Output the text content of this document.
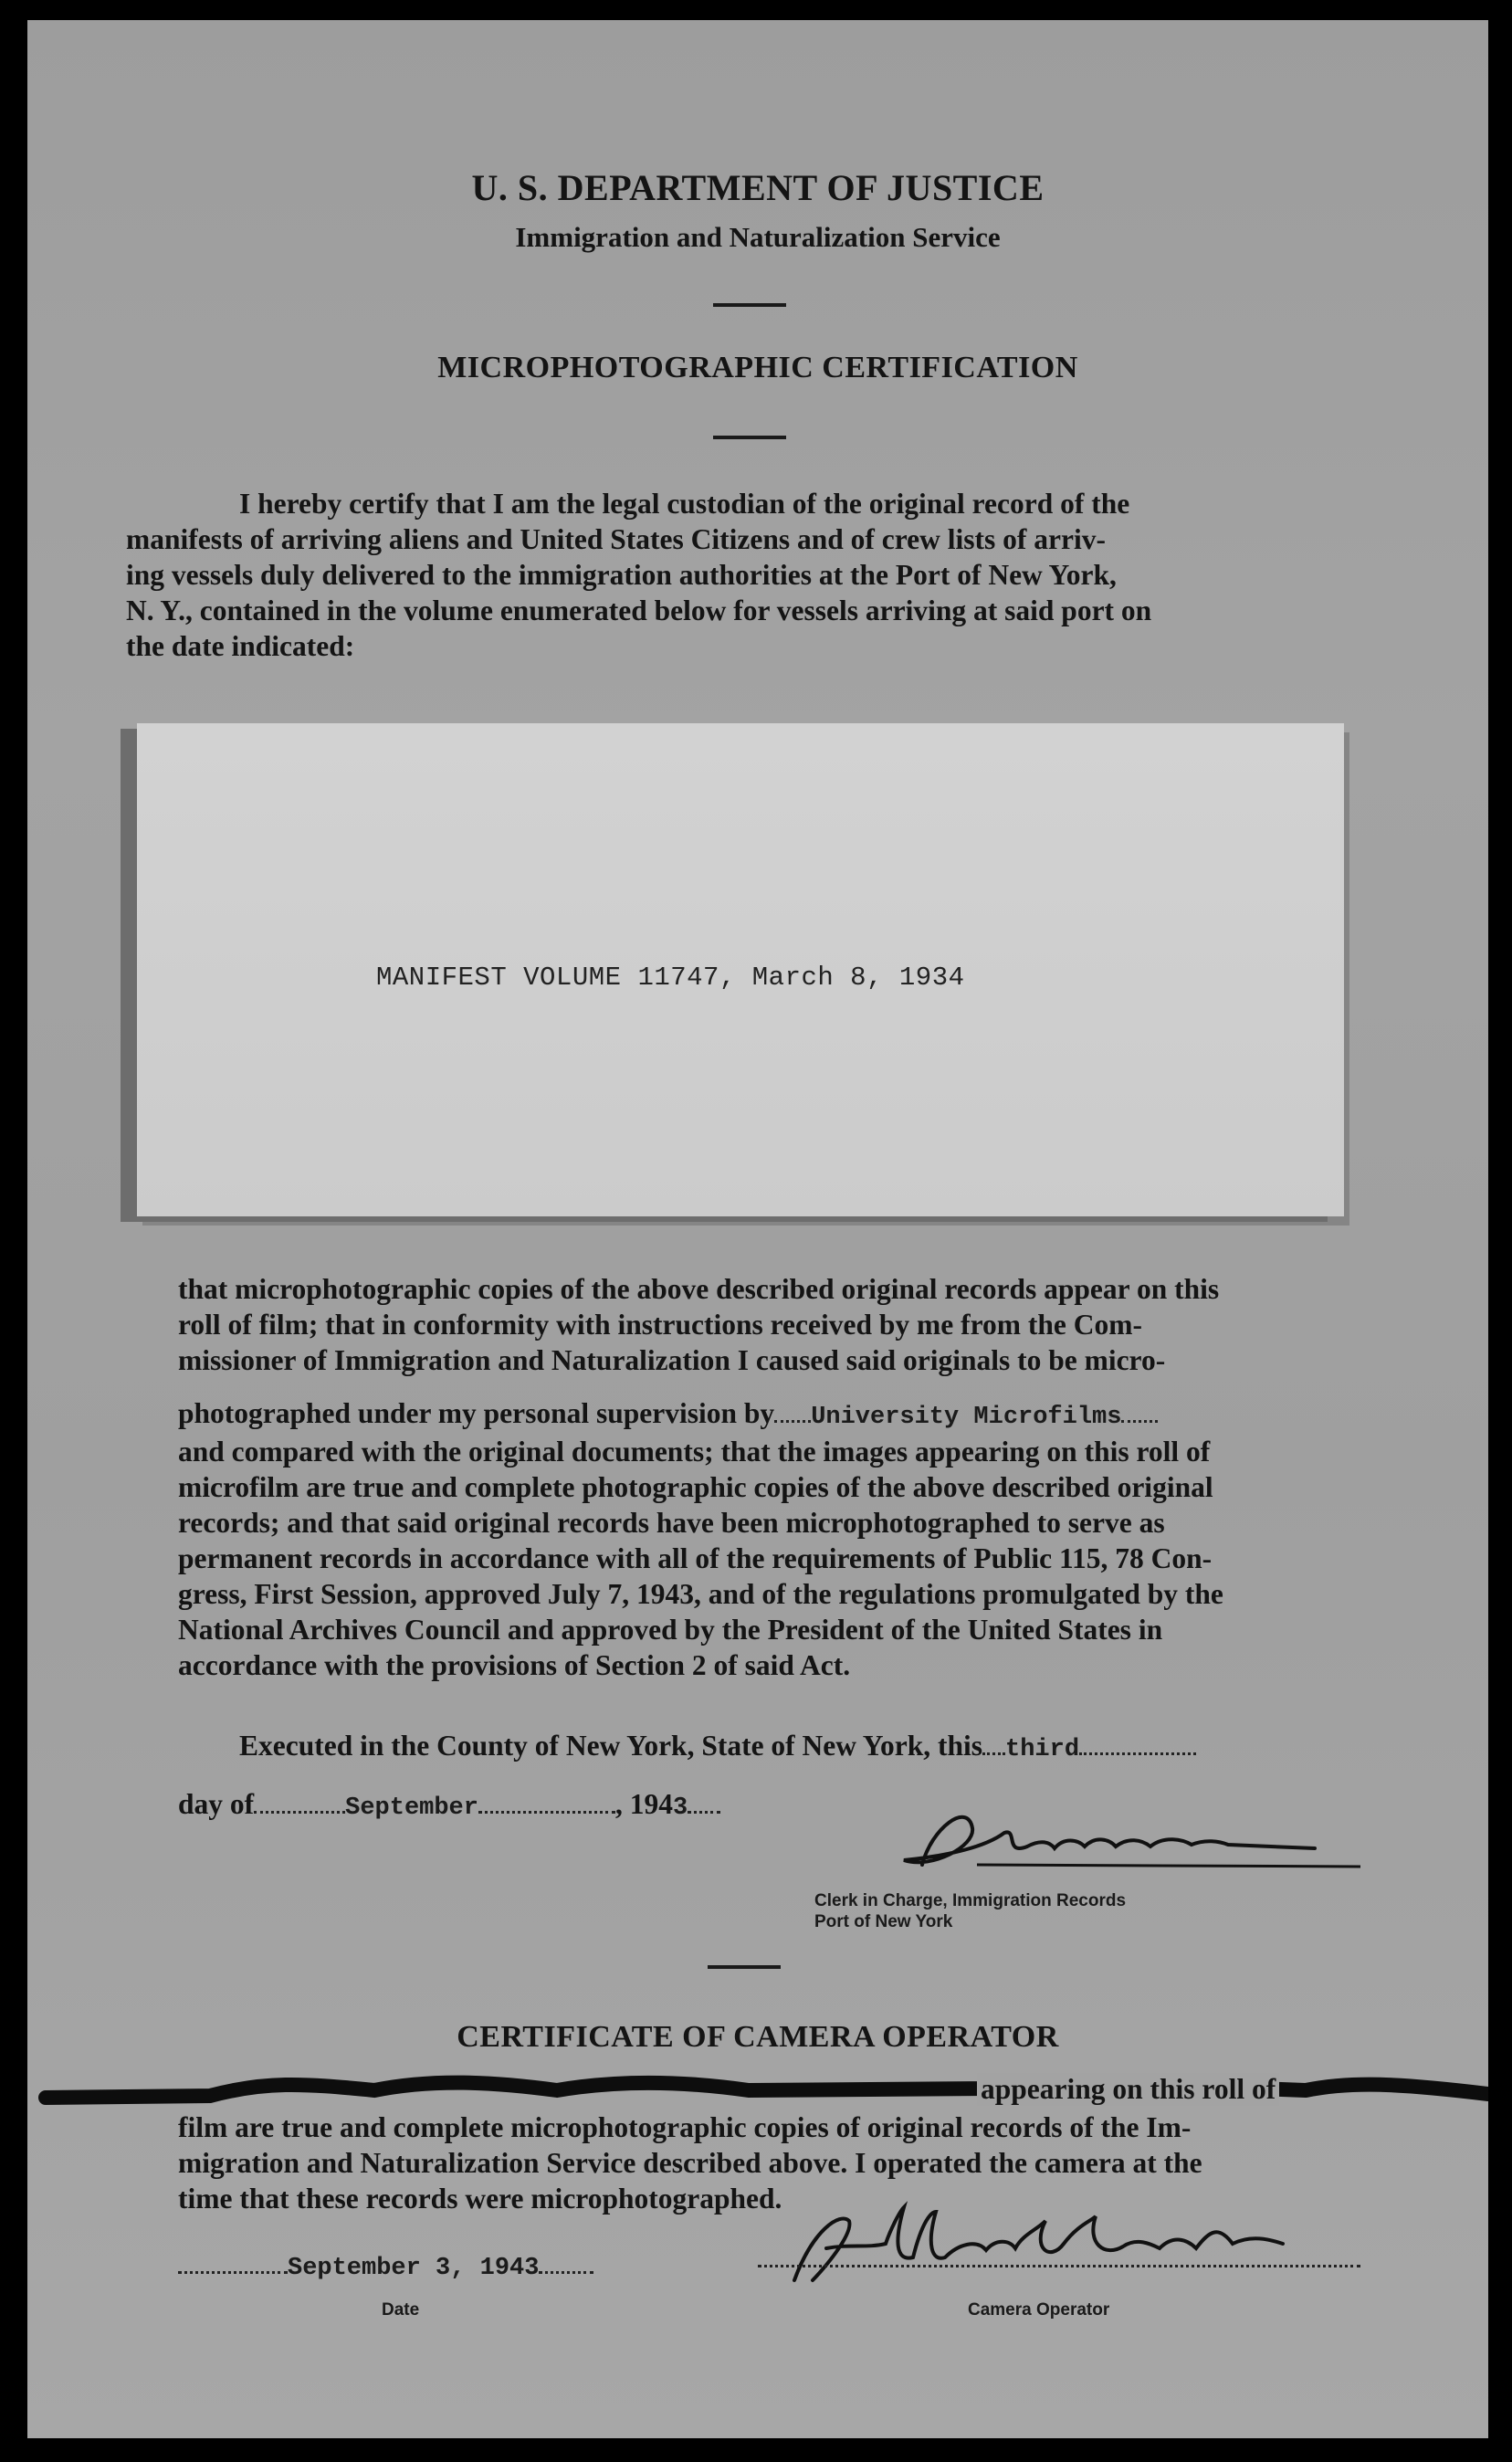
U. S. DEPARTMENT OF JUSTICE
Immigration and Naturalization Service
MICROPHOTOGRAPHIC CERTIFICATION
I hereby certify that I am the legal custodian of the original record of the
manifests of arriving aliens and United States Citizens and of crew lists of arriv-
ing vessels duly delivered to the immigration authorities at the Port of New York,
N. Y., contained in the volume enumerated below for vessels arriving at said port on
the date indicated:
MANIFEST VOLUME 11747, March 8, 1934
that microphotographic copies of the above described original records appear on this
roll of film; that in conformity with instructions received by me from the Com-
missioner of Immigration and Naturalization I caused said originals to be micro-
photographed under my personal supervision by University Microfilms
and compared with the original documents; that the images appearing on this roll of
microfilm are true and complete photographic copies of the above described original
records; and that said original records have been microphotographed to serve as
permanent records in accordance with all of the requirements of Public 115, 78 Con-
gress, First Session, approved July 7, 1943, and of the regulations promulgated by the
National Archives Council and approved by the President of the United States in
accordance with the provisions of Section 2 of said Act.
Executed in the County of New York, State of New York, this third
day of	September	, 1943
Clerk in Charge, Immigration Records
Port of New York
CERTIFICATE OF CAMERA OPERATOR
appearing on this roll of
film are true and complete microphotographic copies of original records of the Im-
migration and Naturalization Service described above. I operated the camera at the
time that these records were microphotographed.
September 3, 1943
Date	Camera Operator
